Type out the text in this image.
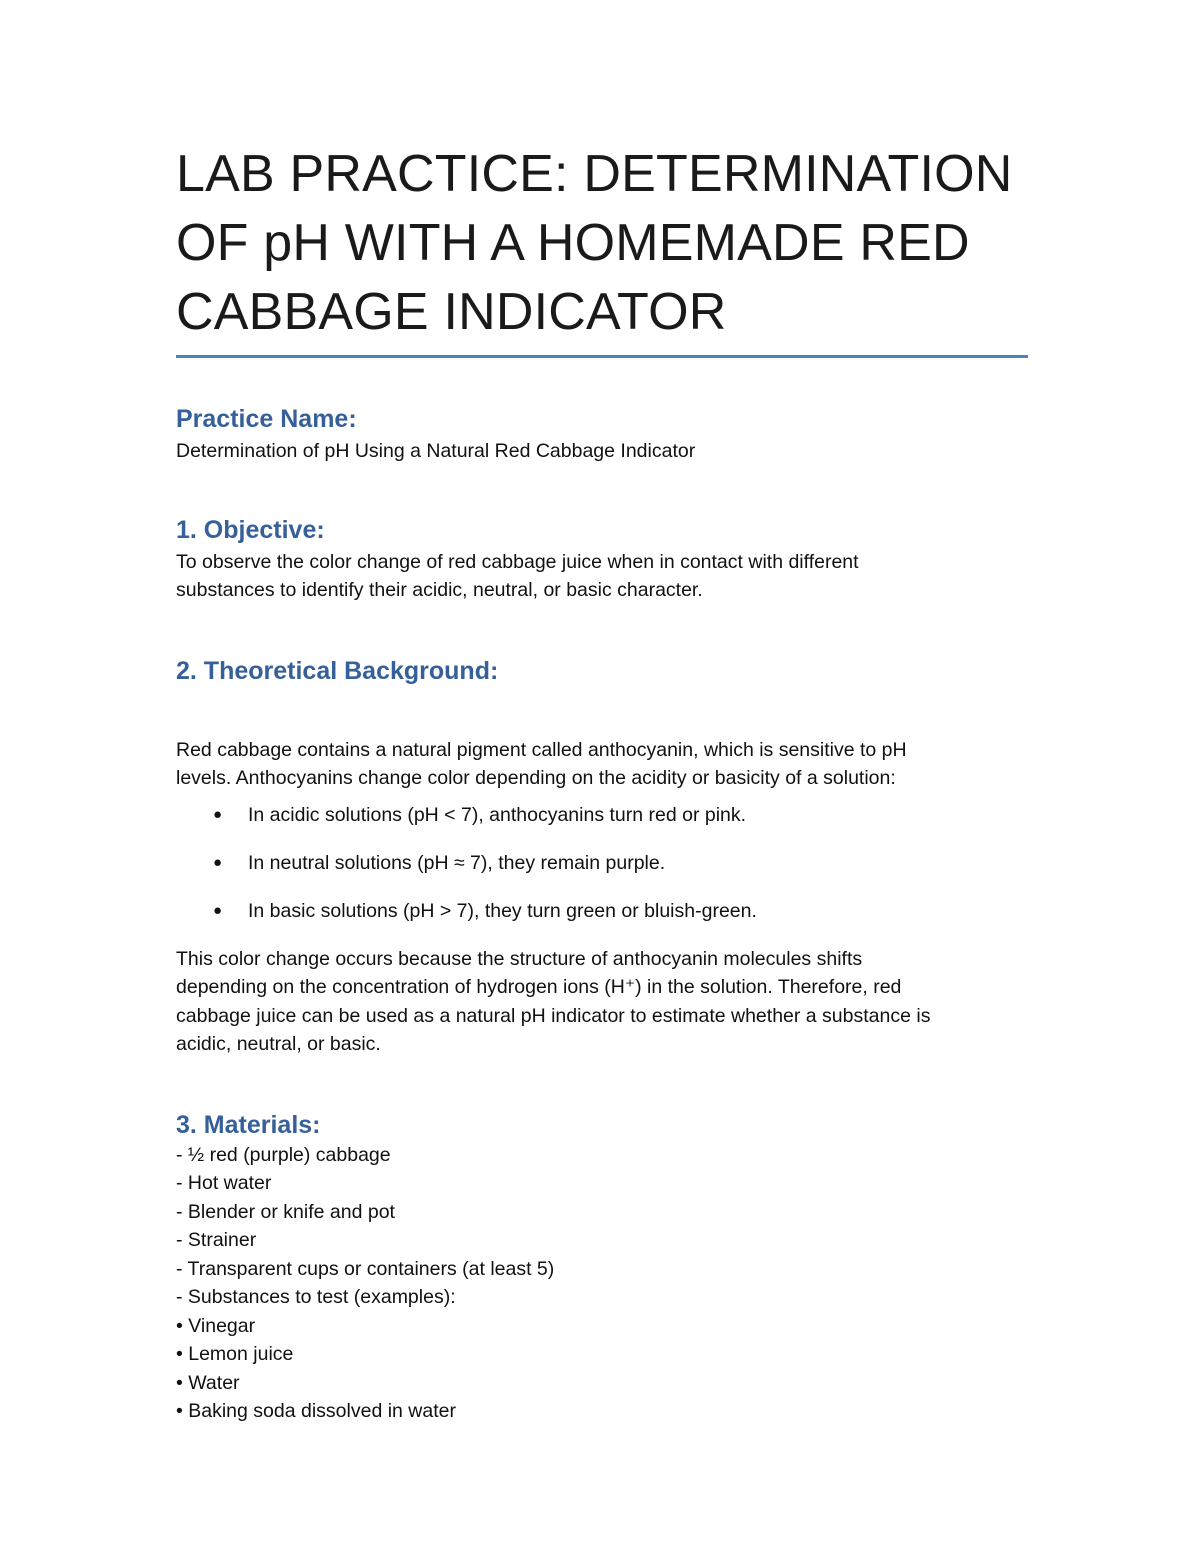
LAB PRACTICE: DETERMINATION
OF pH WITH A HOMEMADE RED
CABBAGE INDICATOR
Practice Name:

Determination of pH Using a Natural Red Cabbage Indicator

1. Objective:
To observe the color change of red cabbage juice when in contact with different
substances to identify their acidic, neutral, or basic character.
2. Theoretical Background:
Red cabbage contains a natural pigment called anthocyanin, which is sensitive to pH
levels. Anthocyanins change color depending on the acidity or basicity of a solution:
● In acidic solutions (pH < 7), anthocyanins turn red or pink.
● In neutral solutions (pH ≈ 7), they remain purple.
● In basic solutions (pH > 7), they turn green or bluish-green.
This color change occurs because the structure of anthocyanin molecules shifts
depending on the concentration of hydrogen ions (H⁺) in the solution. Therefore, red
cabbage juice can be used as a natural pH indicator to estimate whether a substance is
acidic, neutral, or basic.
3. Materials:
- ½ red (purple) cabbage
- Hot water
- Blender or knife and pot
- Strainer
- Transparent cups or containers (at least 5)
- Substances to test (examples):
• Vinegar
• Lemon juice
• Water
• Baking soda dissolved in water
